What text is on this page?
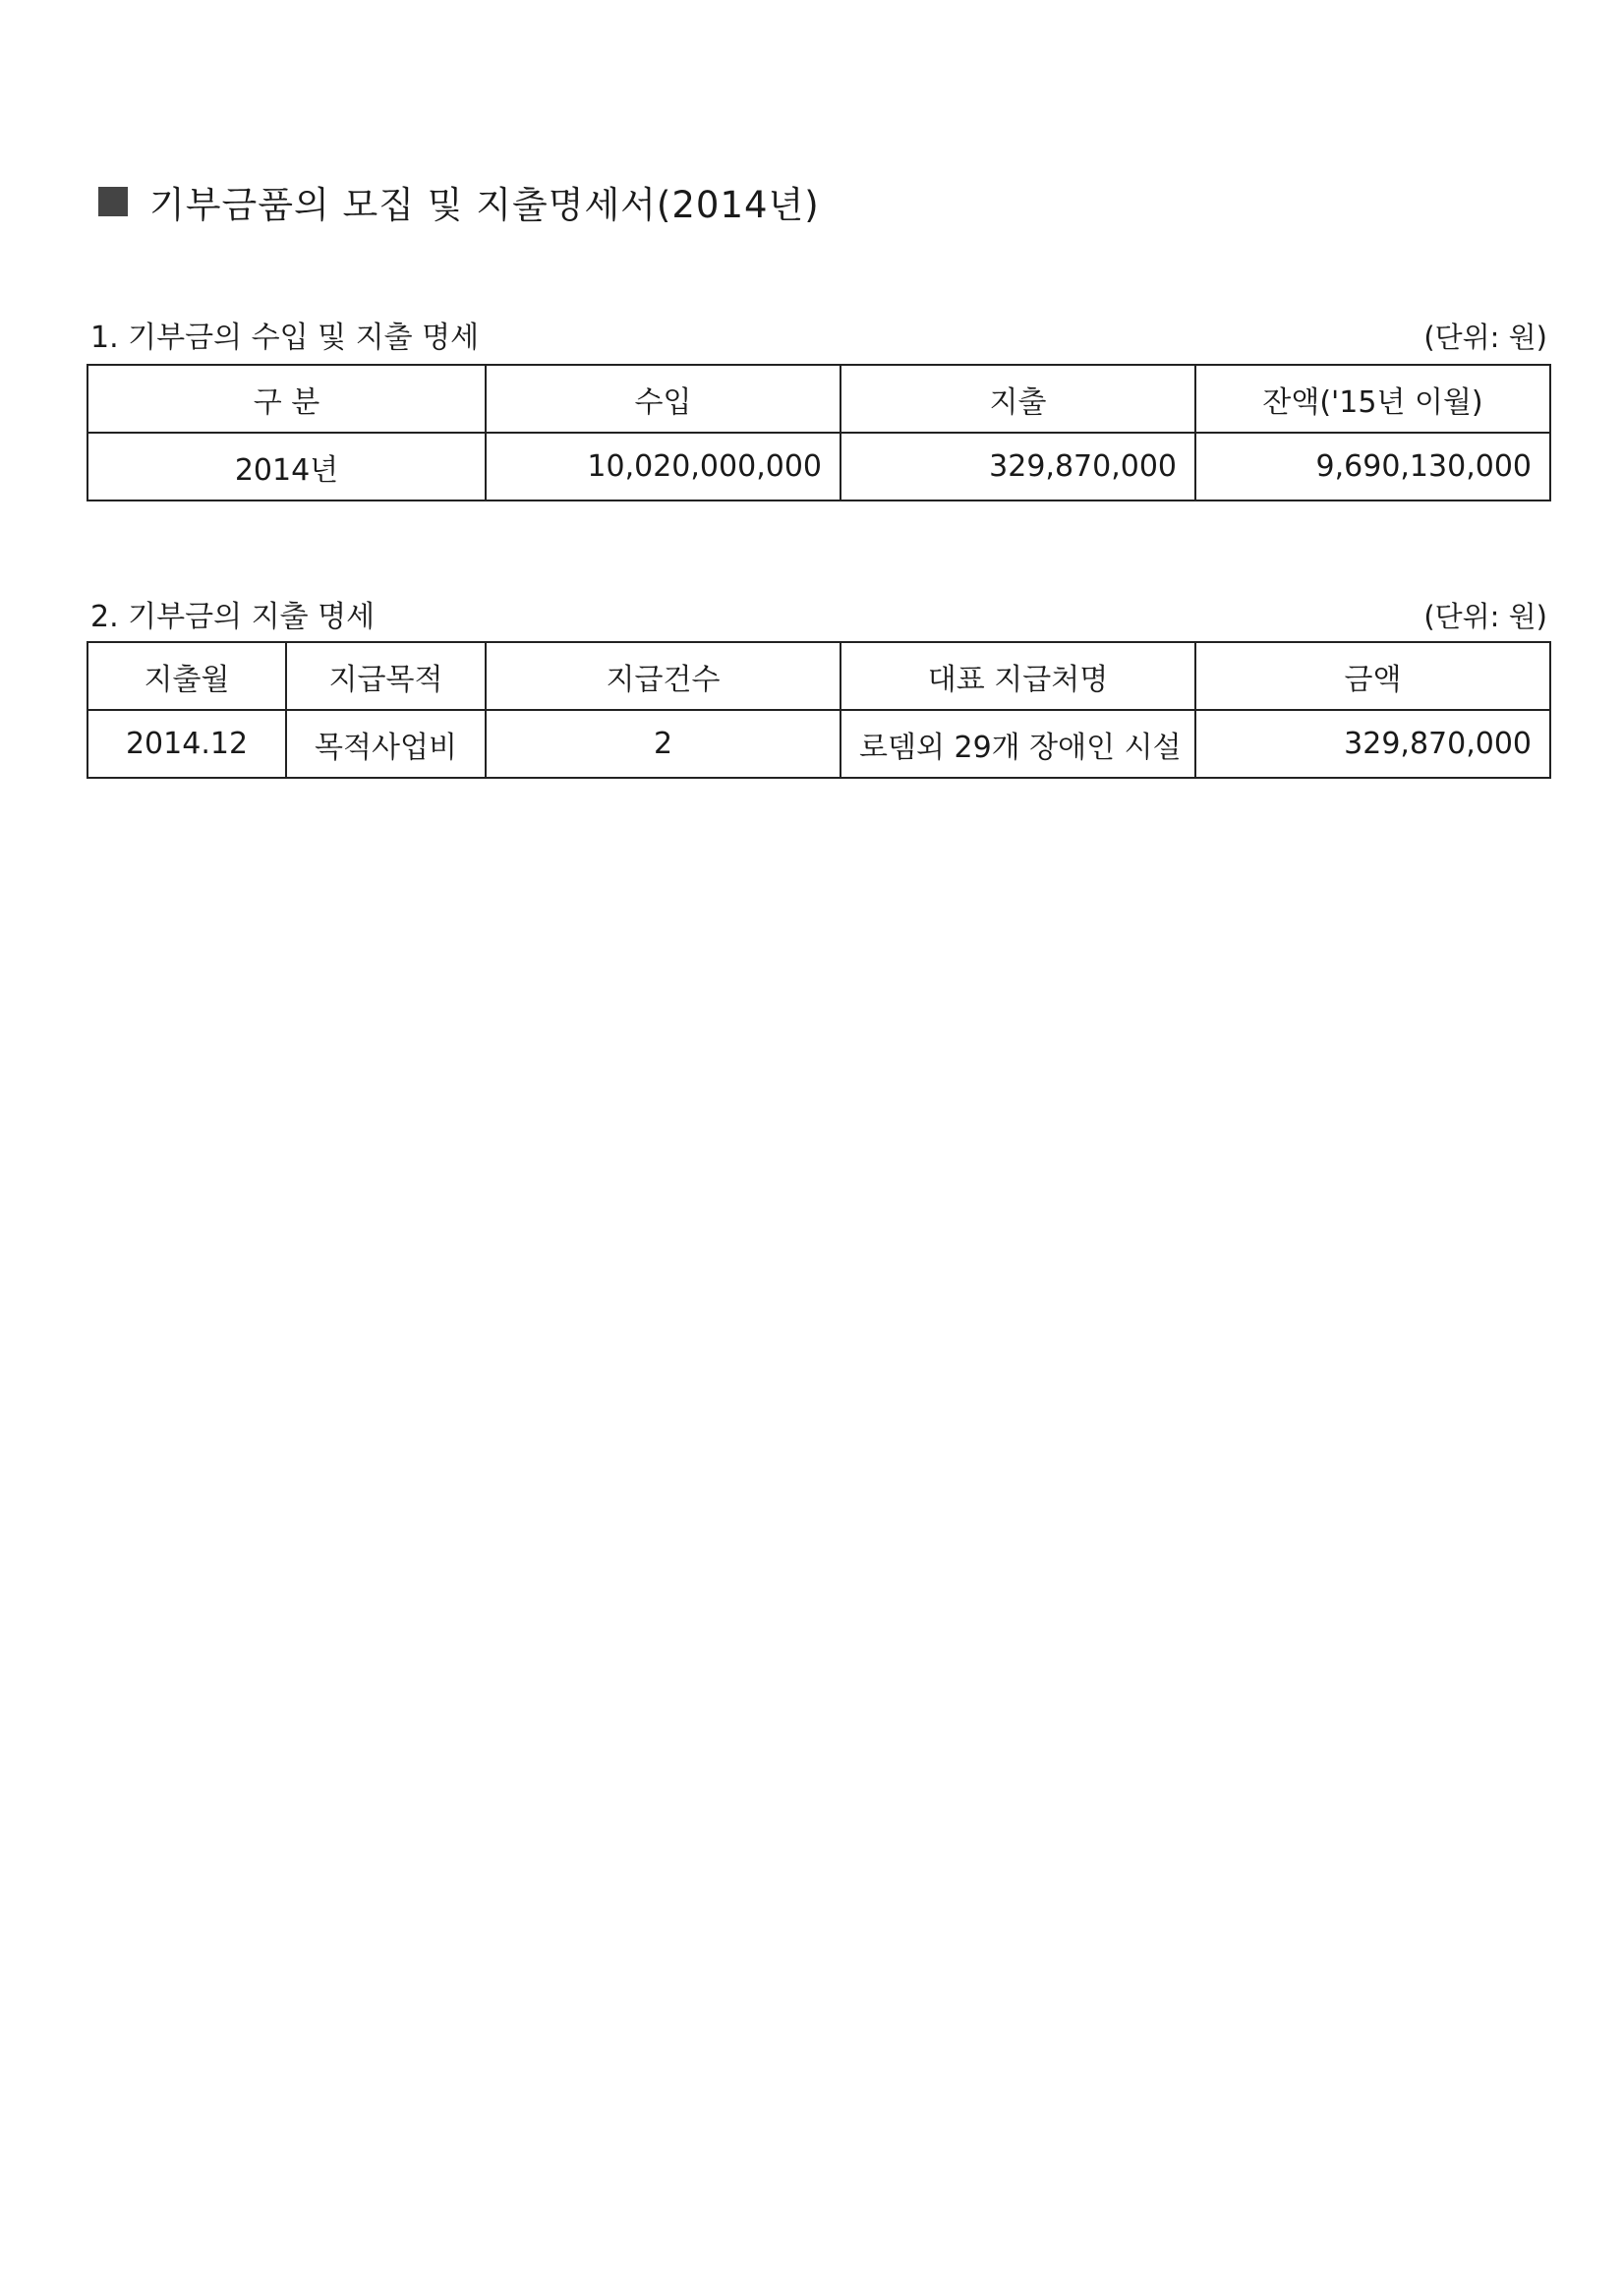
기부금품의 모집 및 지출명세서(2014년)
1. 기부금의 수입 및 지출 명세	(단위: 원)
구 분	수입	지출	잔액('15년 이월)
2014년	10,020,000,000	329,870,000	9,690,130,000
2. 기부금의 지출 명세	(단위: 원)
지출월	지급목적	지급건수	대표 지급처명	금액
2014.12	목적사업비	2	로뎀외 29개 장애인 시설	329,870,000
